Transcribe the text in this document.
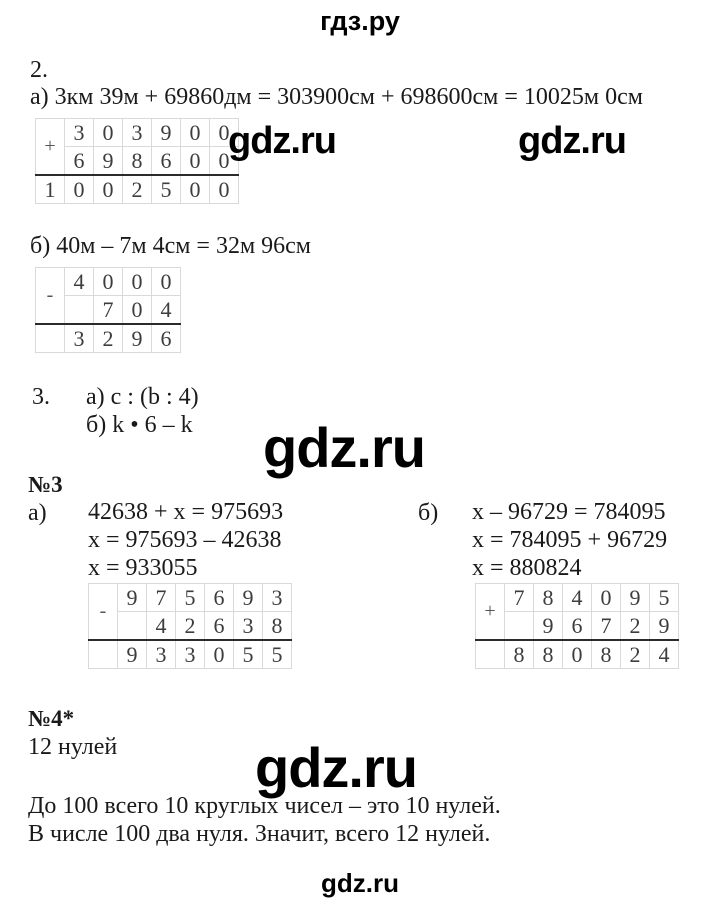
гдз.ру
2.
а) 3км 39м + 69860дм = 303900см + 698600см = 10025м 0см
+	3	0	3	9	0	0
	6	9	8	6	0	0
1	0	0	2	5	0	0
gdz.ru	gdz.ru
б) 40м – 7м 4см = 32м 96см
-	4	0	0	0
		7	0	4
	3	2	9	6
3. а) c : (b : 4)
б) k • 6 – k gdz.ru
№3
а) 42638 + x = 975693
x = 975693 – 42638
x = 933055
б) x – 96729 = 784095
x = 784095 + 96729
x = 880824
-	9	7	5	6	9	3
		4	2	6	3	8
	9	3	3	0	5	5
+	7	8	4	0	9	5
		9	6	7	2	9
	8	8	0	8	2	4
№4*
12 нулей gdz.ru
До 100 всего 10 круглых чисел – это 10 нулей.
В числе 100 два нуля. Значит, всего 12 нулей.
gdz.ru
